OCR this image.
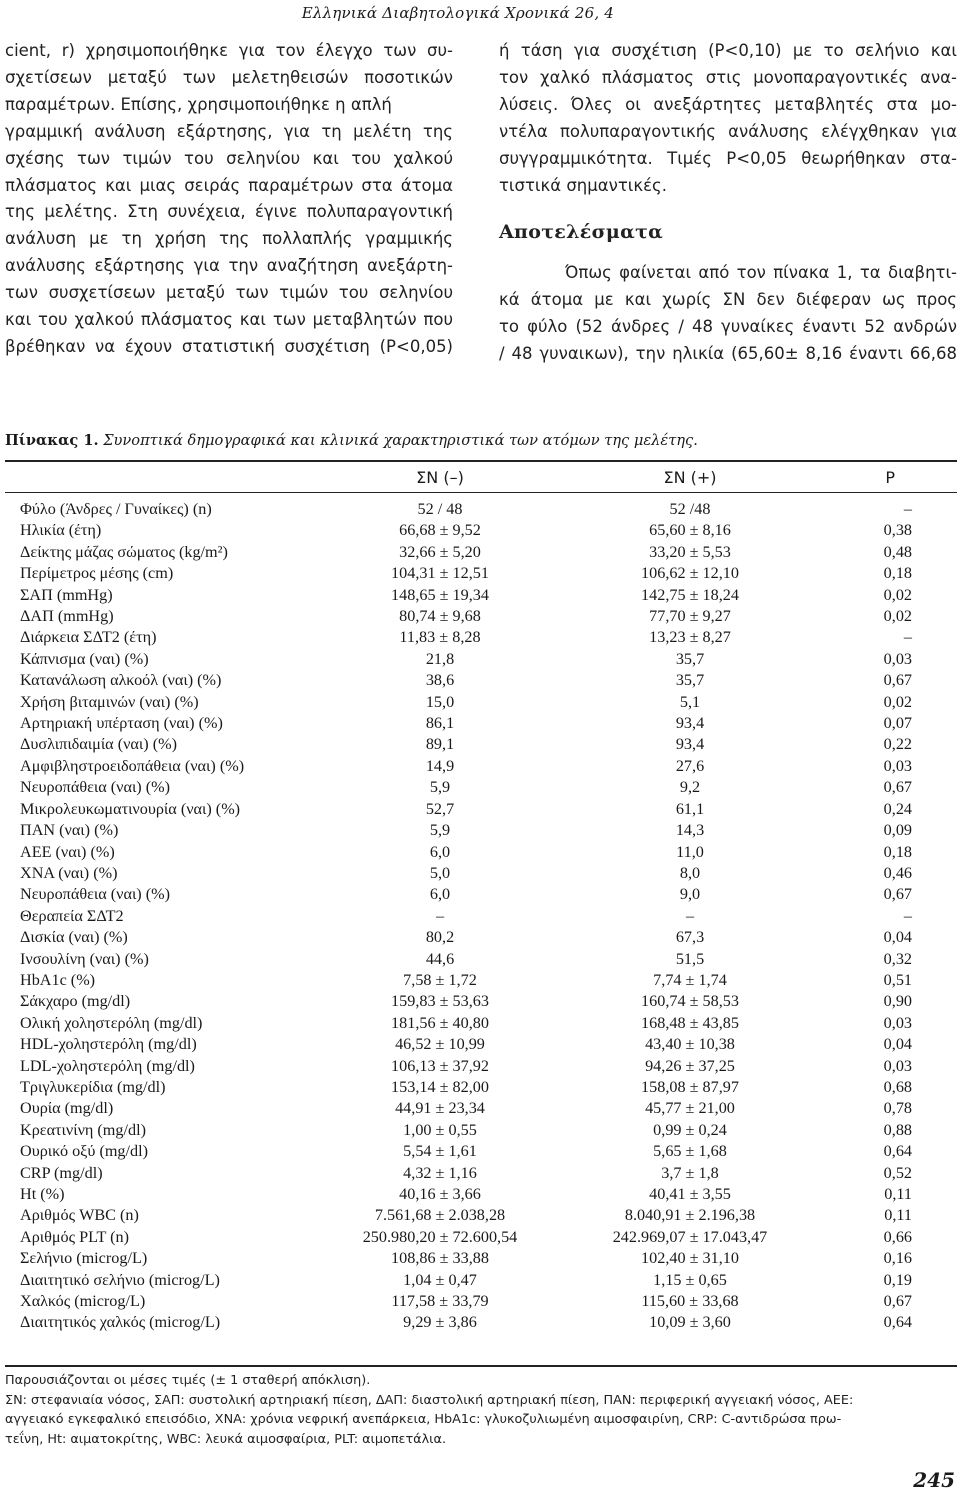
Ελληνικά Διαβητολογικά Χρονικά 26, 4
cient, r) χρησιμοποιήθηκε για τον έλεγχο των συ-
σχετίσεων μεταξύ των μελετηθεισών ποσοτικών
παραμέτρων. Επίσης, χρησιμοποιήθηκε η απλή
γραμμική ανάλυση εξάρτησης, για τη μελέτη της
σχέσης των τιμών του σεληνίου και του χαλκού
πλάσματος και μιας σειράς παραμέτρων στα άτομα
της μελέτης. Στη συνέχεια, έγινε πολυπαραγοντική
ανάλυση με τη χρήση της πολλαπλής γραμμικής
ανάλυσης εξάρτησης για την αναζήτηση ανεξάρτη-
των συσχετίσεων μεταξύ των τιμών του σεληνίου
και του χαλκού πλάσματος και των μεταβλητών που
βρέθηκαν να έχουν στατιστική συσχέτιση (P<0,05)
ή τάση για συσχέτιση (P<0,10) με το σελήνιο και
τον χαλκό πλάσματος στις μονοπαραγοντικές ανα-
λύσεις. Όλες οι ανεξάρτητες μεταβλητές στα μο-
ντέλα πολυπαραγοντικής ανάλυσης ελέγχθηκαν για
συγγραμμικότητα. Τιμές P<0,05 θεωρήθηκαν στα-
τιστικά σημαντικές.
Αποτελέσματα
Όπως φαίνεται από τον πίνακα 1, τα διαβητι-
κά άτομα με και χωρίς ΣΝ δεν διέφεραν ως προς
το φύλο (52 άνδρες / 48 γυναίκες έναντι 52 ανδρών
/ 48 γυναικων), την ηλικία (65,60± 8,16 έναντι 66,68
Πίνακας 1. Συνοπτικά δημογραφικά και κλινικά χαρακτηριστικά των ατόμων της μελέτης.
	ΣΝ (–)	ΣΝ (+)	P
Φύλο (Άνδρες / Γυναίκες) (n)	52 / 48	52 /48	–
Ηλικία (έτη)	66,68 ± 9,52	65,60 ± 8,16	0,38
Δείκτης μάζας σώματος (kg/m²)	32,66 ± 5,20	33,20 ± 5,53	0,48
Περίμετρος μέσης (cm)	104,31 ± 12,51	106,62 ± 12,10	0,18
ΣΑΠ (mmHg)	148,65 ± 19,34	142,75 ± 18,24	0,02
ΔΑΠ (mmHg)	80,74 ± 9,68	77,70 ± 9,27	0,02
Διάρκεια ΣΔΤ2 (έτη)	11,83 ± 8,28	13,23 ± 8,27	–
Κάπνισμα (ναι) (%)	21,8	35,7	0,03
Κατανάλωση αλκοόλ (ναι) (%)	38,6	35,7	0,67
Χρήση βιταμινών (ναι) (%)	15,0	5,1	0,02
Αρτηριακή υπέρταση (ναι) (%)	86,1	93,4	0,07
Δυσλιπιδαιμία (ναι) (%)	89,1	93,4	0,22
Αμφιβληστροειδοπάθεια (ναι) (%)	14,9	27,6	0,03
Νευροπάθεια (ναι) (%)	5,9	9,2	0,67
Μικρολευκωματινουρία (ναι) (%)	52,7	61,1	0,24
ΠΑΝ (ναι) (%)	5,9	14,3	0,09
ΑΕΕ (ναι) (%)	6,0	11,0	0,18
ΧΝΑ (ναι) (%)	5,0	8,0	0,46
Νευροπάθεια (ναι) (%)	6,0	9,0	0,67
Θεραπεία ΣΔΤ2	–	–	–
Δισκία (ναι) (%)	80,2	67,3	0,04
Ινσουλίνη (ναι) (%)	44,6	51,5	0,32
HbA1c (%)	7,58 ± 1,72	7,74 ± 1,74	0,51
Σάκχαρο (mg/dl)	159,83 ± 53,63	160,74 ± 58,53	0,90
Ολική χοληστερόλη (mg/dl)	181,56 ± 40,80	168,48 ± 43,85	0,03
HDL-χοληστερόλη (mg/dl)	46,52 ± 10,99	43,40 ± 10,38	0,04
LDL-χοληστερόλη (mg/dl)	106,13 ± 37,92	94,26 ± 37,25	0,03
Τριγλυκερίδια (mg/dl)	153,14 ± 82,00	158,08 ± 87,97	0,68
Ουρία (mg/dl)	44,91 ± 23,34	45,77 ± 21,00	0,78
Κρεατινίνη (mg/dl)	1,00 ± 0,55	0,99 ± 0,24	0,88
Ουρικό οξύ (mg/dl)	5,54 ± 1,61	5,65 ± 1,68	0,64
CRP (mg/dl)	4,32 ± 1,16	3,7 ± 1,8	0,52
Ht (%)	40,16 ± 3,66	40,41 ± 3,55	0,11
Αριθμός WBC (n)	7.561,68 ± 2.038,28	8.040,91 ± 2.196,38	0,11
Αριθμός PLT (n)	250.980,20 ± 72.600,54	242.969,07 ± 17.043,47	0,66
Σελήνιο (microg/L)	108,86 ± 33,88	102,40 ± 31,10	0,16
Διαιτητικό σελήνιο (microg/L)	1,04 ± 0,47	1,15 ± 0,65	0,19
Χαλκός (microg/L)	117,58 ± 33,79	115,60 ± 33,68	0,67
Διαιτητικός χαλκός (microg/L)	9,29 ± 3,86	10,09 ± 3,60	0,64

Παρουσιάζονται οι μέσες τιμές (± 1 σταθερή απόκλιση).

ΣΝ: στεφανιαία νόσος, ΣΑΠ: συστολική αρτηριακή πίεση, ΔΑΠ: διαστολική αρτηριακή πίεση, ΠΑΝ: περιφερική αγγειακή νόσος, ΑΕΕ:

αγγειακό εγκεφαλικό επεισόδιο, ΧΝΑ: χρόνια νεφρική ανεπάρκεια, HbA1c: γλυκοζυλιωμένη αιμοσφαιρίνη, CRP: C-αντιδρώσα πρω-

τεΐνη, Ht: αιματοκρίτης, WBC: λευκά αιμοσφαίρια, PLT: αιμοπετάλια.

245
